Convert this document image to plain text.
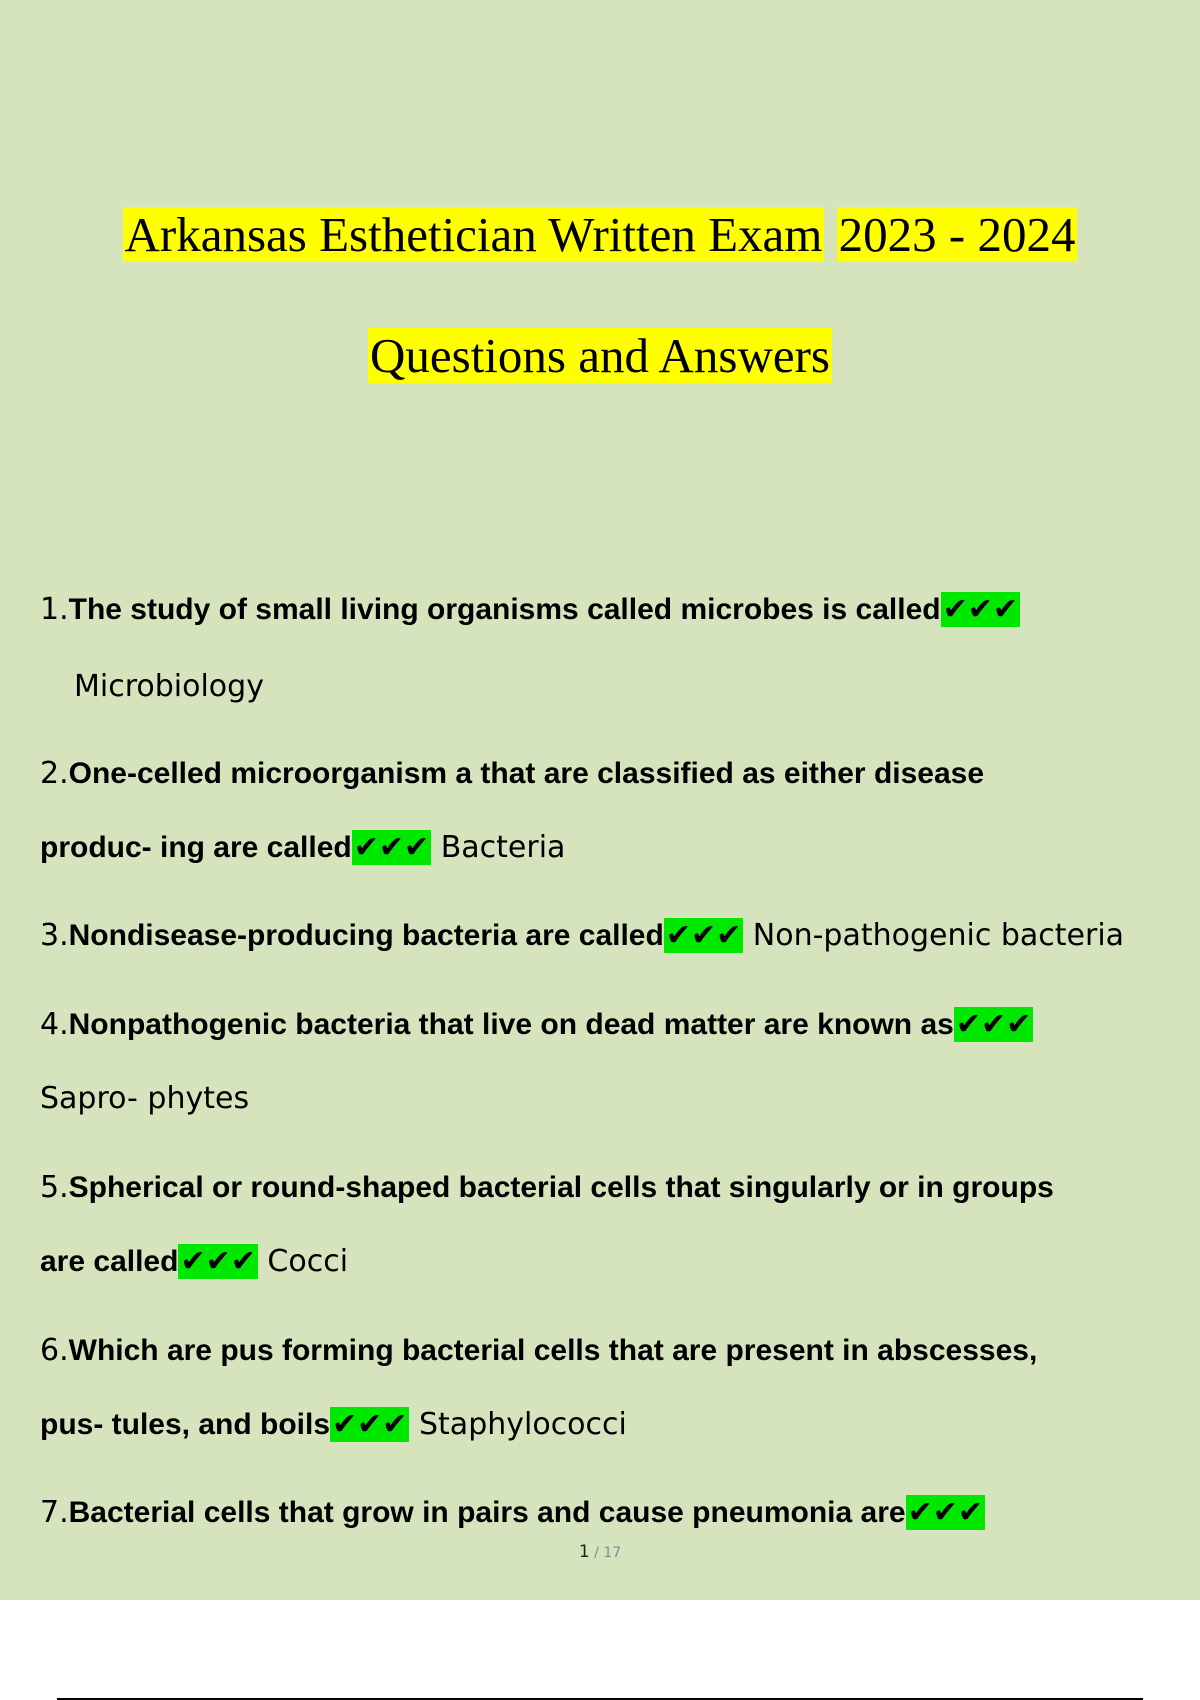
Arkansas Esthetician Written Exam 2023 - 2024
Questions and Answers
1.The study of small living organisms called microbes is called✔✔✔
Microbiology
2.One-celled microorganism a that are classified as either disease
produc- ing are called✔✔✔ Bacteria
3.Nondisease-producing bacteria are called✔✔✔ Non-pathogenic bacteria
4.Nonpathogenic bacteria that live on dead matter are known as✔✔✔
Sapro- phytes
5.Spherical or round-shaped bacterial cells that singularly or in groups
are called✔✔✔ Cocci
6.Which are pus forming bacterial cells that are present in abscesses,
pus- tules, and boils✔✔✔ Staphylococci
7.Bacterial cells that grow in pairs and cause pneumonia are✔✔✔
1 / 17
